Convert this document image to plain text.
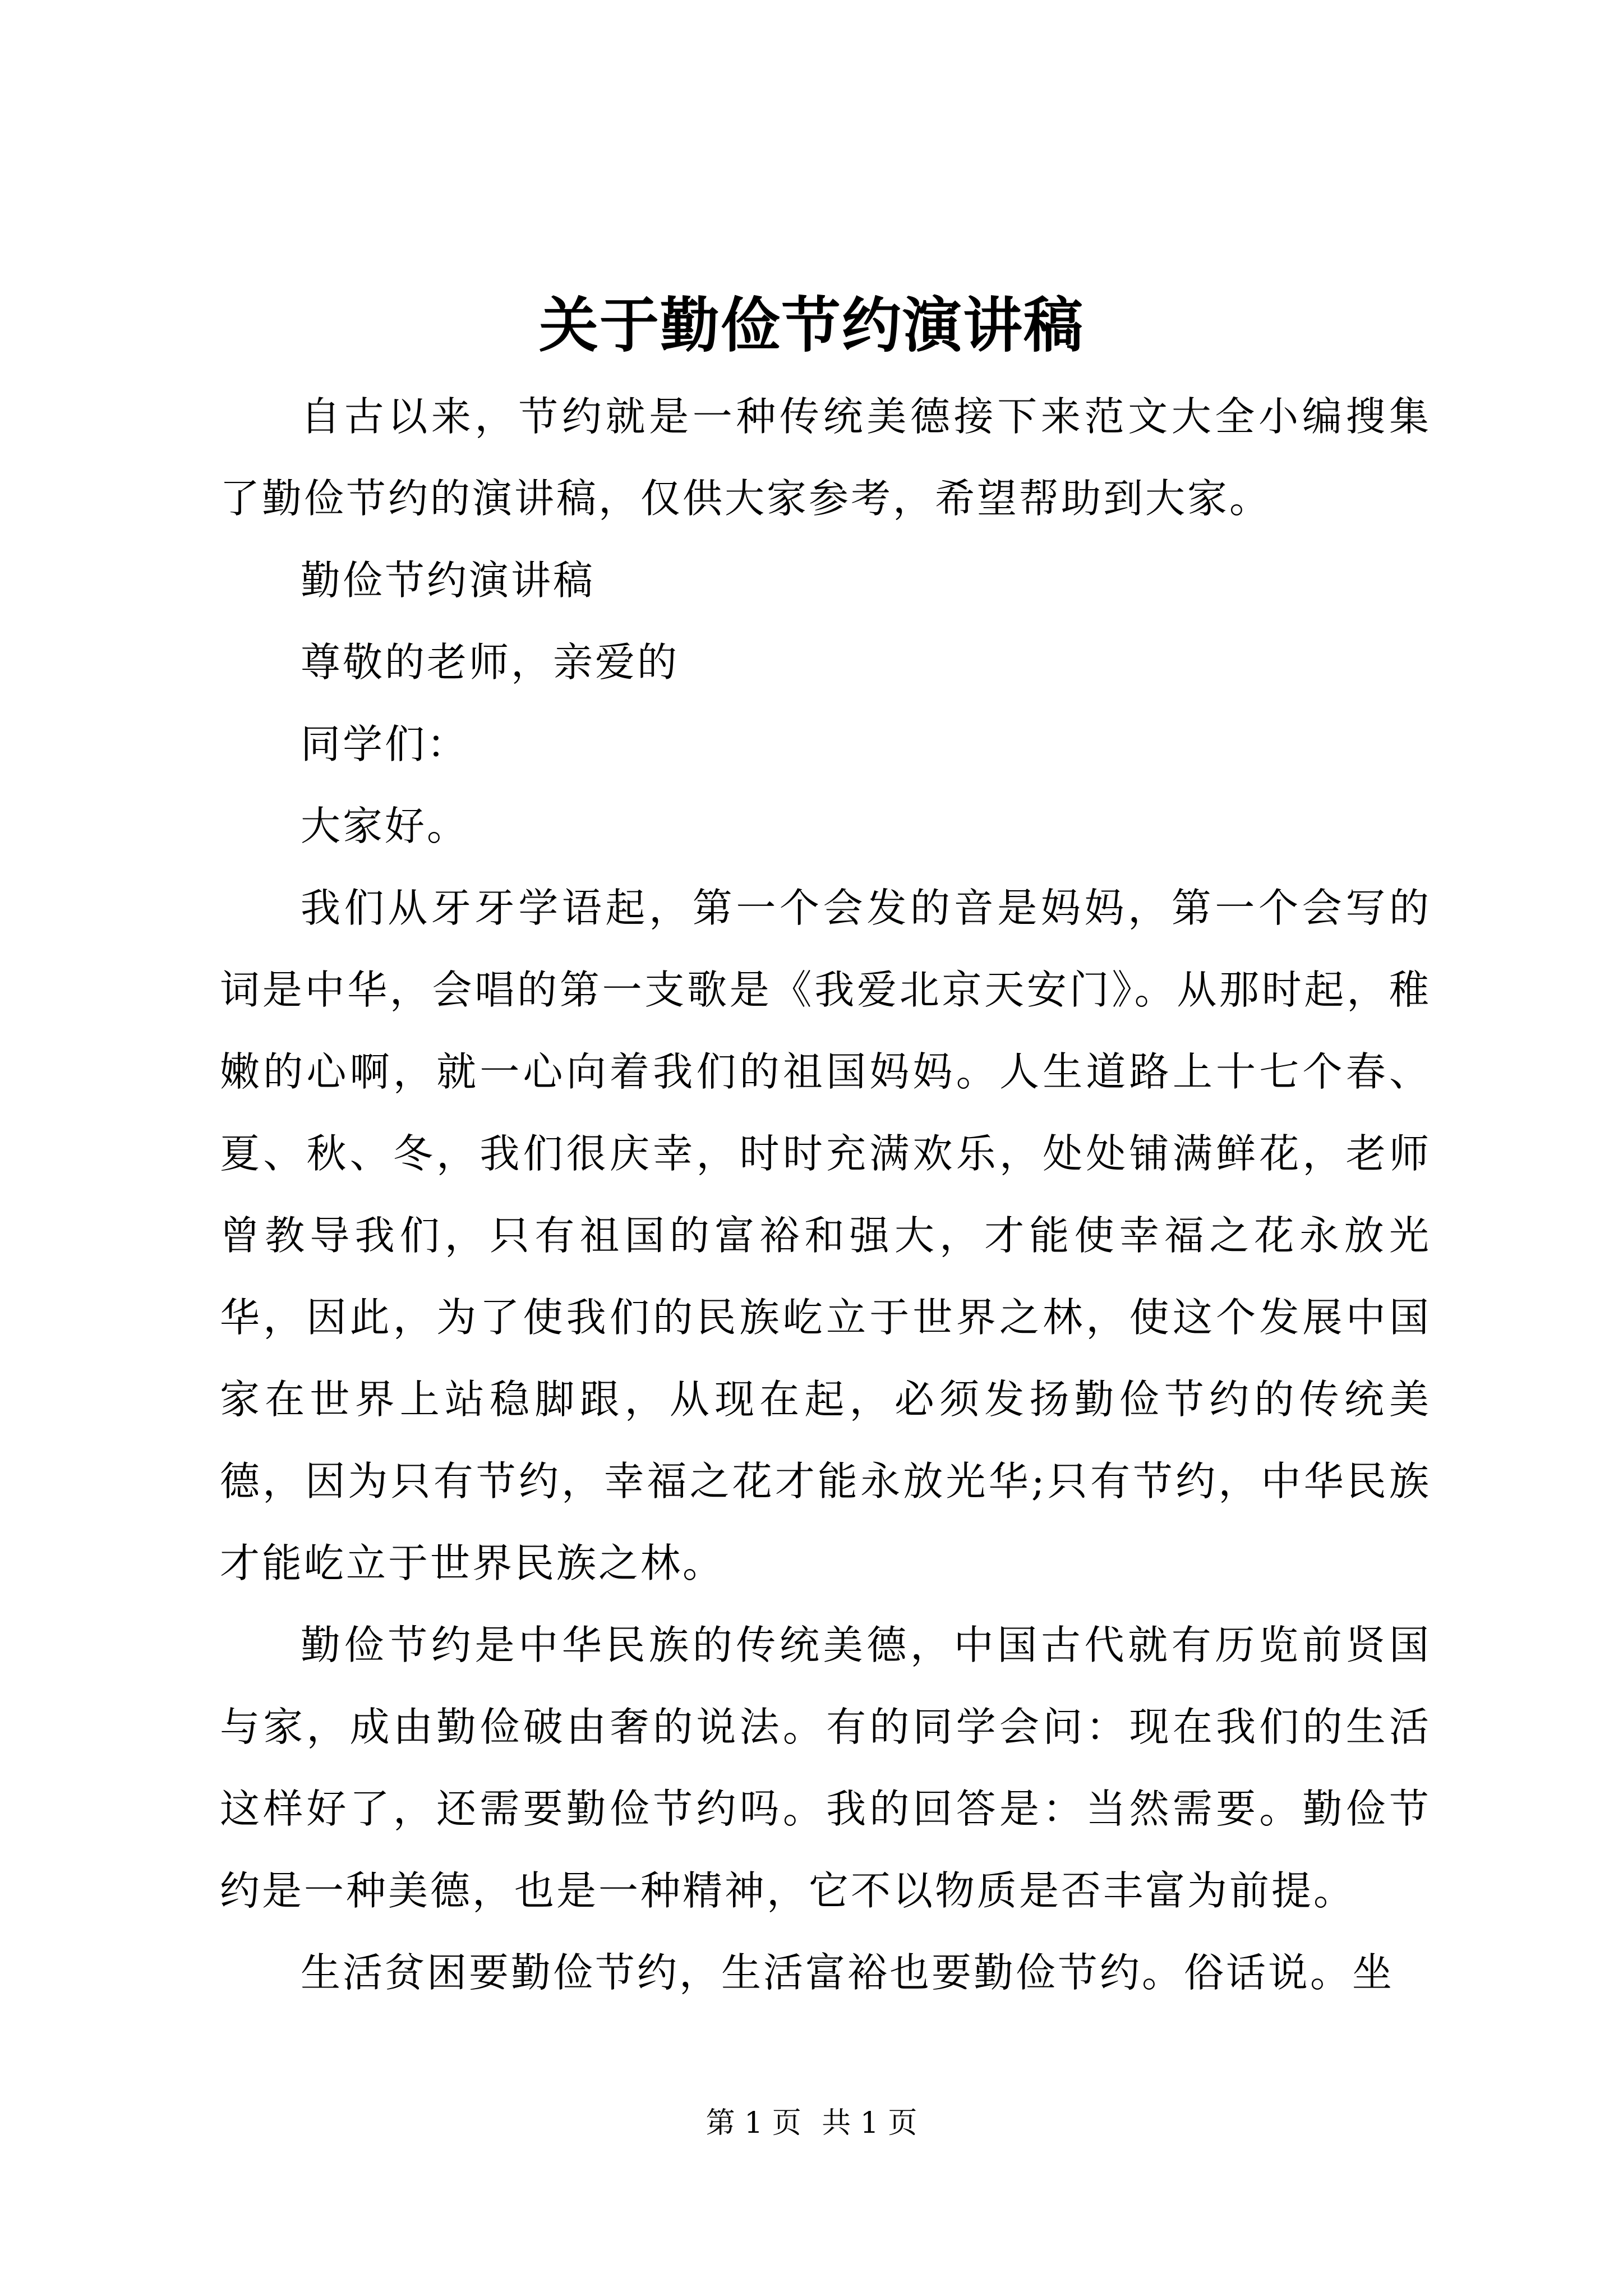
关于勤俭节约演讲稿

自古以来，节约就是一种传统美德接下来范文大全小编搜集了勤俭节约的演讲稿，仅供大家参考，希望帮助到大家。

勤俭节约演讲稿

尊敬的老师，亲爱的

同学们：

大家好。

我们从牙牙学语起，第一个会发的音是妈妈，第一个会写的词是中华，会唱的第一支歌是《我爱北京天安门》。从那时起，稚嫩的心啊，就一心向着我们的祖国妈妈。人生道路上十七个春、夏、秋、冬，我们很庆幸，时时充满欢乐，处处铺满鲜花，老师曾教导我们，只有祖国的富裕和强大，才能使幸福之花永放光华，因此，为了使我们的民族屹立于世界之林，使这个发展中国家在世界上站稳脚跟，从现在起，必须发扬勤俭节约的传统美德，因为只有节约，幸福之花才能永放光华;只有节约，中华民族才能屹立于世界民族之林。

勤俭节约是中华民族的传统美德，中国古代就有历览前贤国与家，成由勤俭破由奢的说法。有的同学会问：现在我们的生活这样好了，还需要勤俭节约吗。我的回答是：当然需要。勤俭节约是一种美德，也是一种精神，它不以物质是否丰富为前提。

生活贫困要勤俭节约，生活富裕也要勤俭节约。俗话说。坐

第 1 页 共 1 页
